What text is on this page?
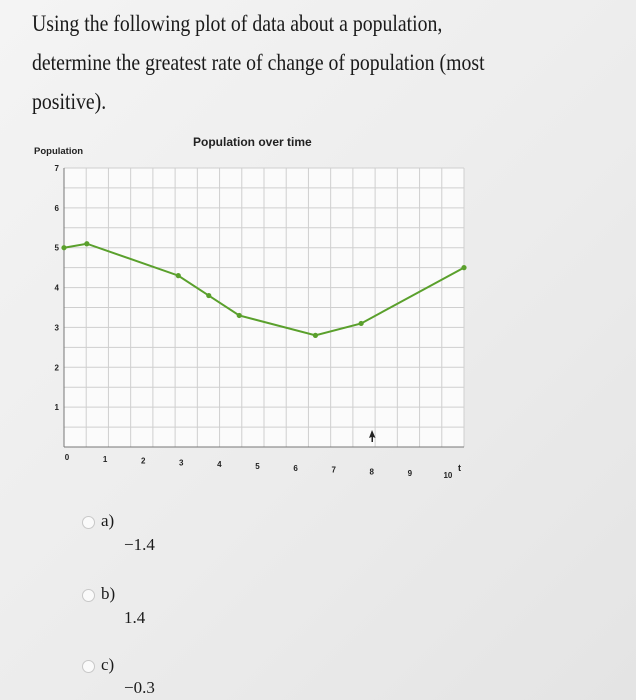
Using the following plot of data about a population,
determine the greatest rate of change of population (most
positive).
Population over time
Population
0	1	2	3	4	5	6	7	8	9	10
1
2
3
4
5
6
7
t
a)
−1.4
b)
1.4
c)
−0.3
